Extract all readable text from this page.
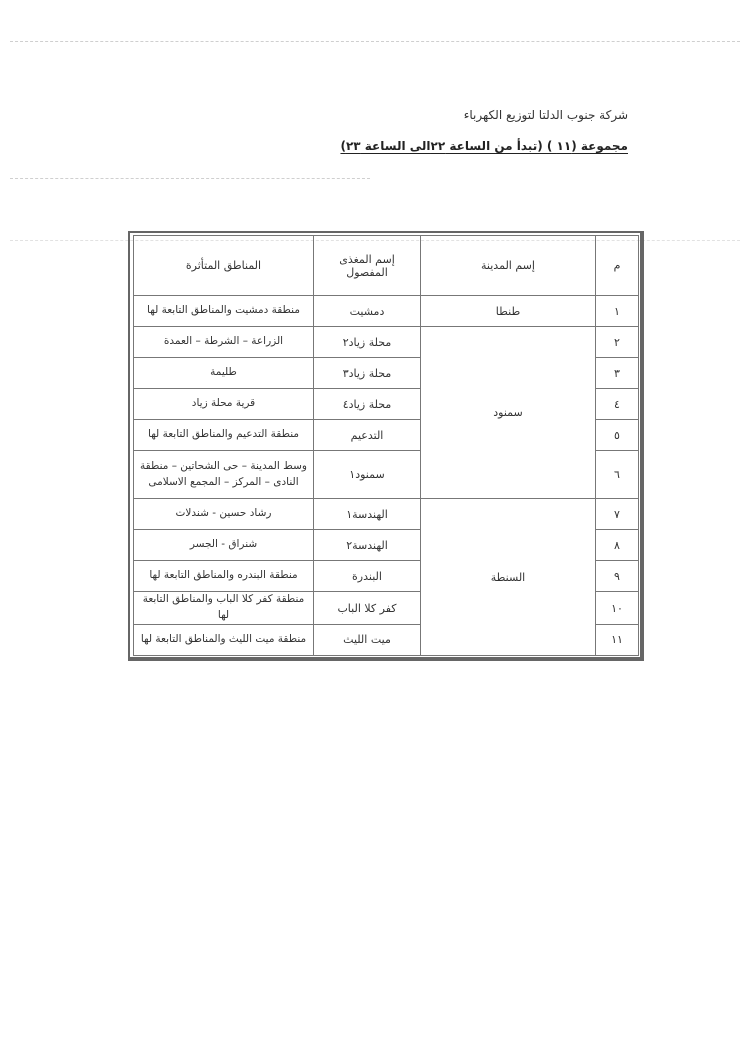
شركة جنوب الدلتا لتوزيع الكهرباء
مجموعة (١١ ) (تبدأ من الساعة ٢٢الى الساعة ٢٣)
م	إسم المدينة	إسم المغذى المفصول	المناطق المتأثرة
١	طنطا	دمشيت	منطقة دمشيت والمناطق التابعة لها
٢	سمنود	محلة زياد٢	الزراعة – الشرطة – العمدة
٣		محلة زياد٣	طليمة
٤		محلة زياد٤	قرية محلة زياد
٥		التدعيم	منطقة التدعيم والمناطق التابعة لها
٦		سمنود١	وسط المدينة – حى الشحاتين – منطقة النادى – المركز – المجمع الاسلامى
٧	السنطة	الهندسة١	رشاد حسين - شندلات
٨		الهندسة٢	شنراق - الجسر
٩		البندرة	منطقة البندره والمناطق التابعة لها
١٠		كفر كلا الباب	منطقة كفر كلا الباب والمناطق التابعة لها
١١		ميت الليث	منطقة ميت الليث والمناطق التابعة لها
